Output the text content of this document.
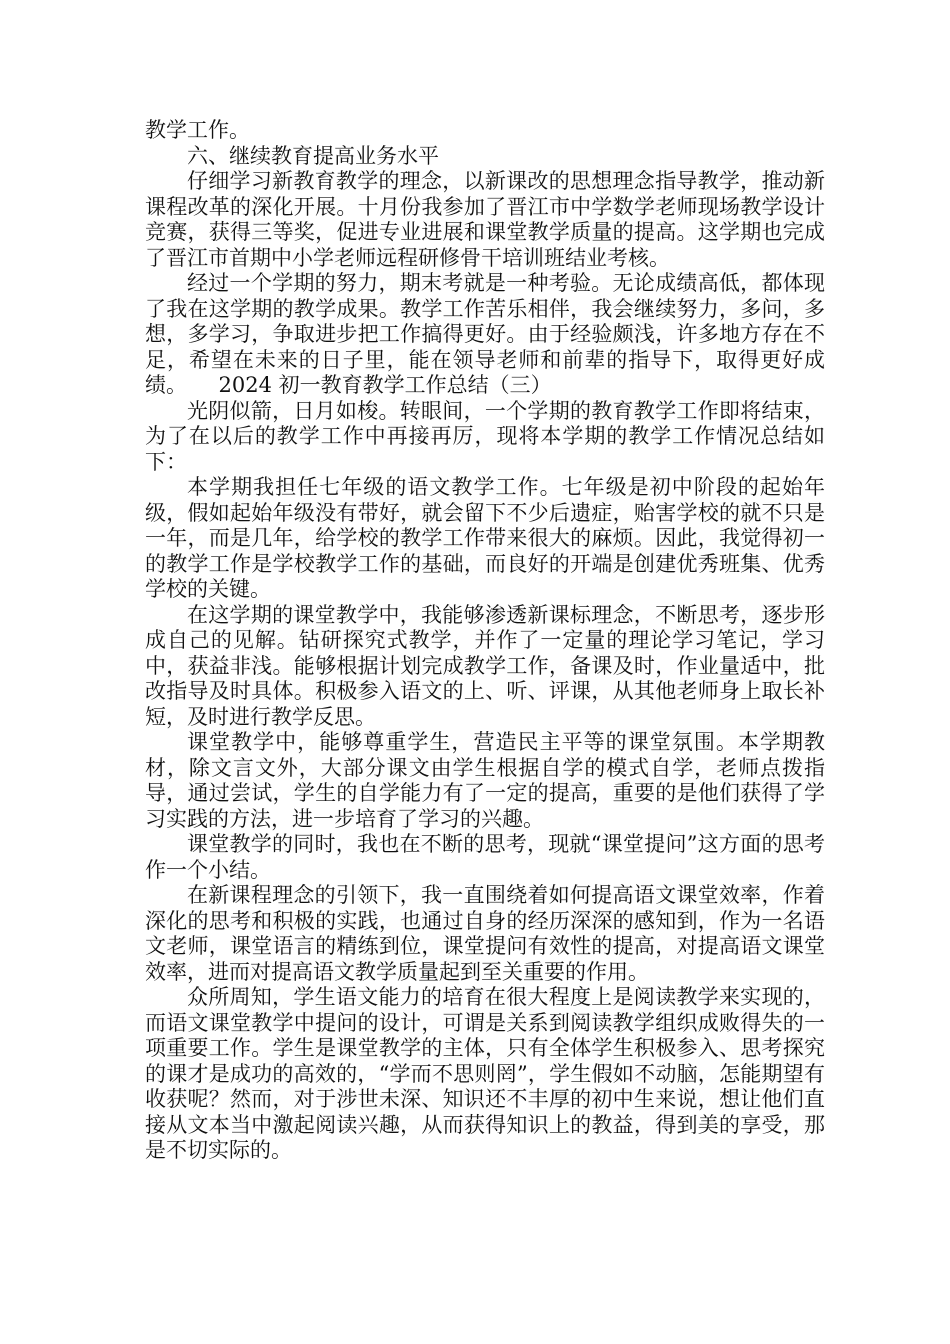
教学工作。

六、继续教育提高业务水平

仔细学习新教育教学的理念，以新课改的思想理念指导教学，推动新课程改革的深化开展。十月份我参加了晋江市中学数学老师现场教学设计竞赛，获得三等奖，促进专业进展和课堂教学质量的提高。这学期也完成了晋江市首期中小学老师远程研修骨干培训班结业考核。

经过一个学期的努力，期末考就是一种考验。无论成绩高低，都体现了我在这学期的教学成果。教学工作苦乐相伴，我会继续努力，多问，多想，多学习，争取进步把工作搞得更好。由于经验颇浅，许多地方存在不足，希望在未来的日子里，能在领导老师和前辈的指导下，取得更好成绩。　　2024 初一教育教学工作总结（三）

光阴似箭，日月如梭。转眼间，一个学期的教育教学工作即将结束，为了在以后的教学工作中再接再厉，现将本学期的教学工作情况总结如下：

本学期我担任七年级的语文教学工作。七年级是初中阶段的起始年级，假如起始年级没有带好，就会留下不少后遗症，贻害学校的就不只是一年，而是几年，给学校的教学工作带来很大的麻烦。因此，我觉得初一的教学工作是学校教学工作的基础，而良好的开端是创建优秀班集、优秀学校的关键。

在这学期的课堂教学中，我能够渗透新课标理念，不断思考，逐步形成自己的见解。钻研探究式教学，并作了一定量的理论学习笔记，学习中，获益非浅。能够根据计划完成教学工作，备课及时，作业量适中，批改指导及时具体。积极参入语文的上、听、评课，从其他老师身上取长补短，及时进行教学反思。

课堂教学中，能够尊重学生，营造民主平等的课堂氛围。本学期教材，除文言文外，大部分课文由学生根据自学的模式自学，老师点拨指导，通过尝试，学生的自学能力有了一定的提高，重要的是他们获得了学习实践的方法，进一步培育了学习的兴趣。

课堂教学的同时，我也在不断的思考，现就“课堂提问”这方面的思考作一个小结。

在新课程理念的引领下，我一直围绕着如何提高语文课堂效率，作着深化的思考和积极的实践，也通过自身的经历深深的感知到，作为一名语文老师，课堂语言的精练到位，课堂提问有效性的提高，对提高语文课堂效率，进而对提高语文教学质量起到至关重要的作用。

众所周知，学生语文能力的培育在很大程度上是阅读教学来实现的，而语文课堂教学中提问的设计，可谓是关系到阅读教学组织成败得失的一项重要工作。学生是课堂教学的主体，只有全体学生积极参入、思考探究的课才是成功的高效的，“学而不思则罔”，学生假如不动脑，怎能期望有收获呢？然而，对于涉世未深、知识还不丰厚的初中生来说，想让他们直接从文本当中激起阅读兴趣，从而获得知识上的教益，得到美的享受，那是不切实际的。
